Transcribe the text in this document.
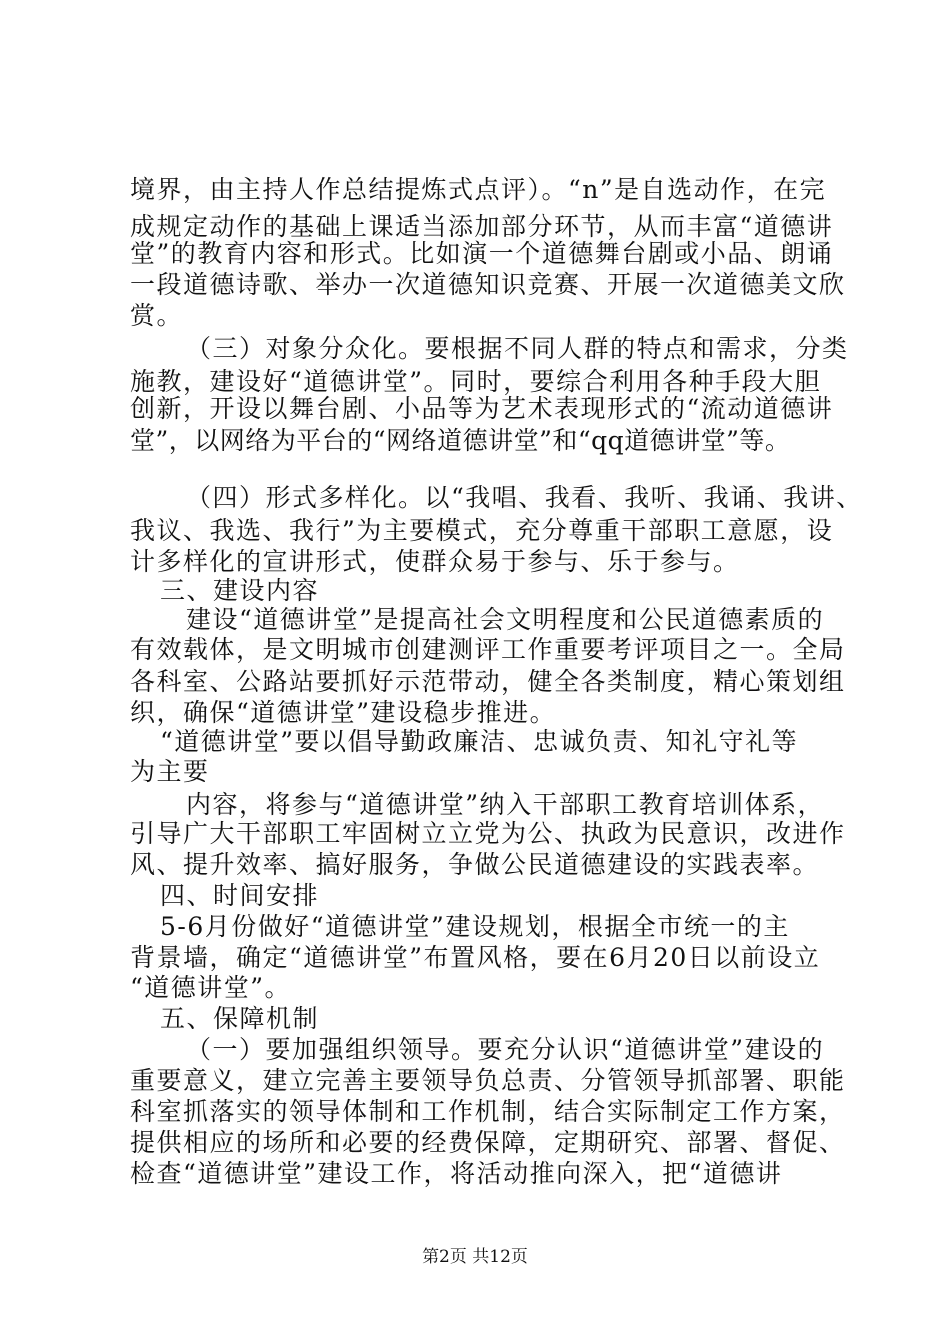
境界，由主持人作总结提炼式点评）。“n”是自选动作，在完
成规定动作的基础上课适当添加部分环节，从而丰富“道德讲
堂”的教育内容和形式。比如演一个道德舞台剧或小品、朗诵
一段道德诗歌、举办一次道德知识竞赛、开展一次道德美文欣
赏。
（三）对象分众化。要根据不同人群的特点和需求，分类
施教，建设好“道德讲堂”。同时，要综合利用各种手段大胆
创新，开设以舞台剧、小品等为艺术表现形式的“流动道德讲
堂”，以网络为平台的“网络道德讲堂”和“qq道德讲堂”等。
（四）形式多样化。以“我唱、我看、我听、我诵、我讲、
我议、我选、我行”为主要模式，充分尊重干部职工意愿，设
计多样化的宣讲形式，使群众易于参与、乐于参与。
三、建设内容
建设“道德讲堂”是提高社会文明程度和公民道德素质的
有效载体，是文明城市创建测评工作重要考评项目之一。全局
各科室、公路站要抓好示范带动，健全各类制度，精心策划组
织，确保“道德讲堂”建设稳步推进。
“道德讲堂”要以倡导勤政廉洁、忠诚负责、知礼守礼等
为主要
内容，将参与“道德讲堂”纳入干部职工教育培训体系，
引导广大干部职工牢固树立立党为公、执政为民意识，改进作
风、提升效率、搞好服务，争做公民道德建设的实践表率。
四、时间安排
5-6月份做好“道德讲堂”建设规划，根据全市统一的主
背景墙，确定“道德讲堂”布置风格，要在6月20日以前设立
“道德讲堂”。
五、保障机制
（一）要加强组织领导。要充分认识“道德讲堂”建设的
重要意义，建立完善主要领导负总责、分管领导抓部署、职能
科室抓落实的领导体制和工作机制，结合实际制定工作方案，
提供相应的场所和必要的经费保障，定期研究、部署、督促、
检查“道德讲堂”建设工作，将活动推向深入，把“道德讲
第2页 共12页
